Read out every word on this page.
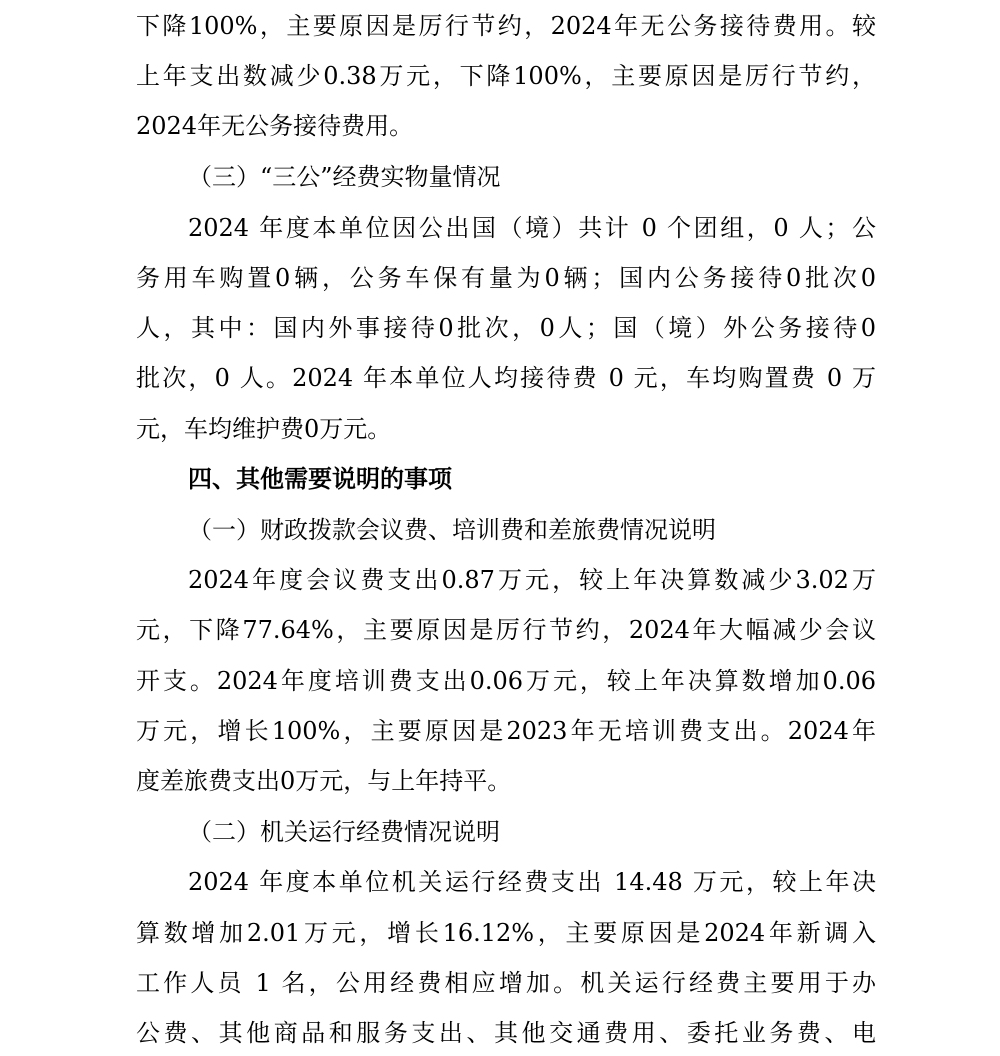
下降100%，主要原因是厉行节约，2024年无公务接待费用。较
上年支出数减少0.38万元，下降100%，主要原因是厉行节约，
2024年无公务接待费用。
（三）“三公”经费实物量情况
2024 年度本单位因公出国（境）共计 0 个团组，0 人；公
务用车购置0辆，公务车保有量为0辆；国内公务接待0批次0
人，其中：国内外事接待0批次，0人；国（境）外公务接待0
批次，0 人。2024 年本单位人均接待费 0 元，车均购置费 0 万
元，车均维护费0万元。
四、其他需要说明的事项
（一）财政拨款会议费、培训费和差旅费情况说明
2024年度会议费支出0.87万元，较上年决算数减少3.02万
元，下降77.64%，主要原因是厉行节约，2024年大幅减少会议
开支。2024年度培训费支出0.06万元，较上年决算数增加0.06
万元，增长100%，主要原因是2023年无培训费支出。2024年
度差旅费支出0万元，与上年持平。
（二）机关运行经费情况说明
2024 年度本单位机关运行经费支出 14.48 万元，较上年决
算数增加2.01万元，增长16.12%，主要原因是2024年新调入
工作人员 1 名，公用经费相应增加。机关运行经费主要用于办
公费、其他商品和服务支出、其他交通费用、委托业务费、电
